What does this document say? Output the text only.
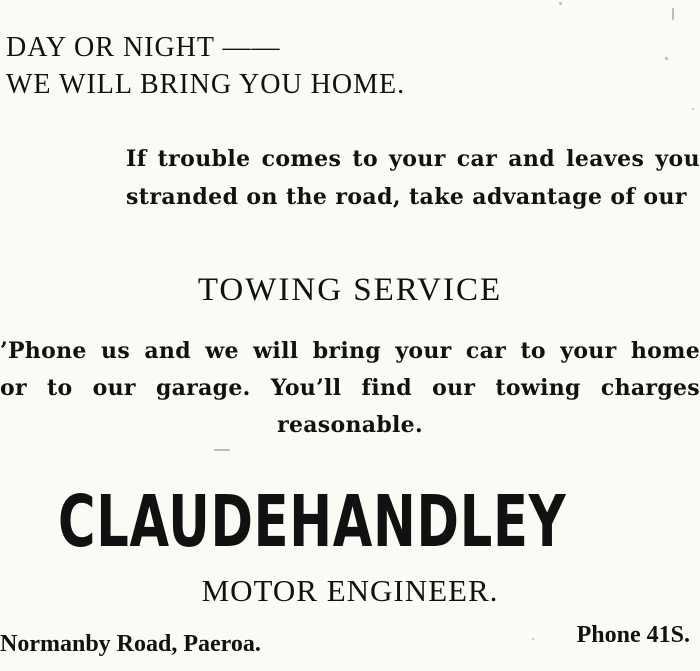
DAY OR NIGHT ——
WE WILL BRING YOU HOME.

If trouble comes to your car and leaves you stranded on the road, take advantage of our

TOWING SERVICE

’Phone us and we will bring your car to your home
or to our garage. You’ll find our towing charges
reasonable.

CLAUDE HANDLEY
MOTOR ENGINEER.
Normanby Road, Paeroa.	Phone 41S.
